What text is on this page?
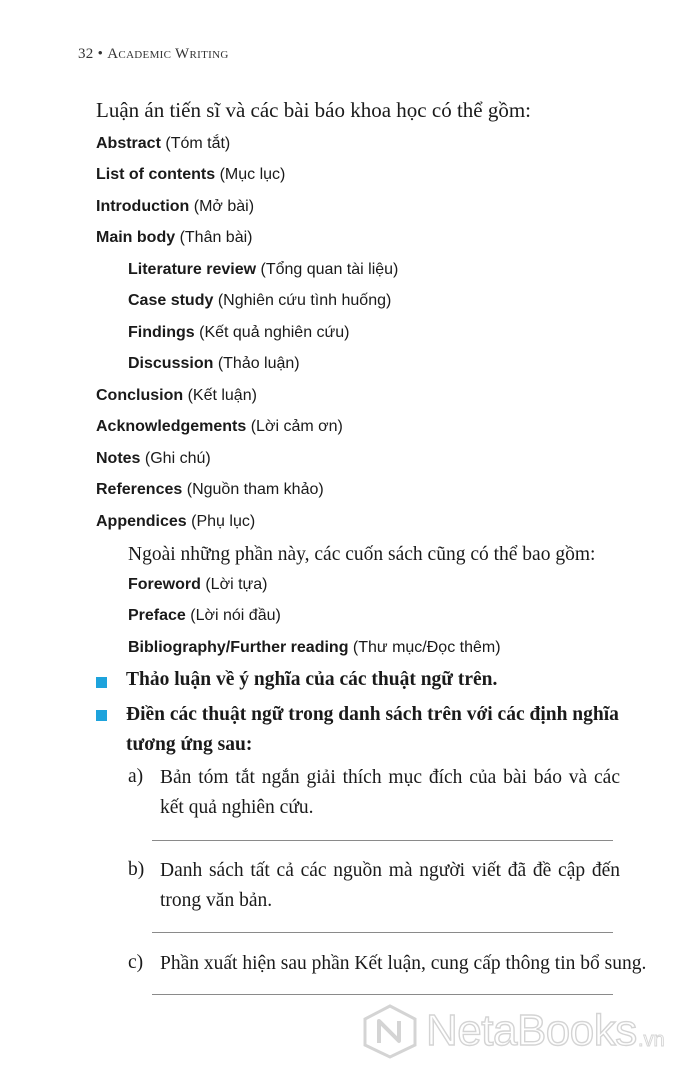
32 • Academic Writing
Luận án tiến sĩ và các bài báo khoa học có thể gồm:
Abstract (Tóm tắt)
List of contents (Mục lục)
Introduction (Mở bài)
Main body (Thân bài)
Literature review (Tổng quan tài liệu)
Case study (Nghiên cứu tình huống)
Findings (Kết quả nghiên cứu)
Discussion (Thảo luận)
Conclusion (Kết luận)
Acknowledgements (Lời cảm ơn)
Notes (Ghi chú)
References (Nguồn tham khảo)
Appendices (Phụ lục)
Ngoài những phần này, các cuốn sách cũng có thể bao gồm:
Foreword (Lời tựa)
Preface (Lời nói đầu)
Bibliography/Further reading (Thư mục/Đọc thêm)
Thảo luận về ý nghĩa của các thuật ngữ trên.
Điền các thuật ngữ trong danh sách trên với các định nghĩa tương ứng sau:
a) Bản tóm tắt ngắn giải thích mục đích của bài báo và các kết quả nghiên cứu.
b) Danh sách tất cả các nguồn mà người viết đã đề cập đến trong văn bản.
c) Phần xuất hiện sau phần Kết luận, cung cấp thông tin bổ sung.
NetaBooks .vn
